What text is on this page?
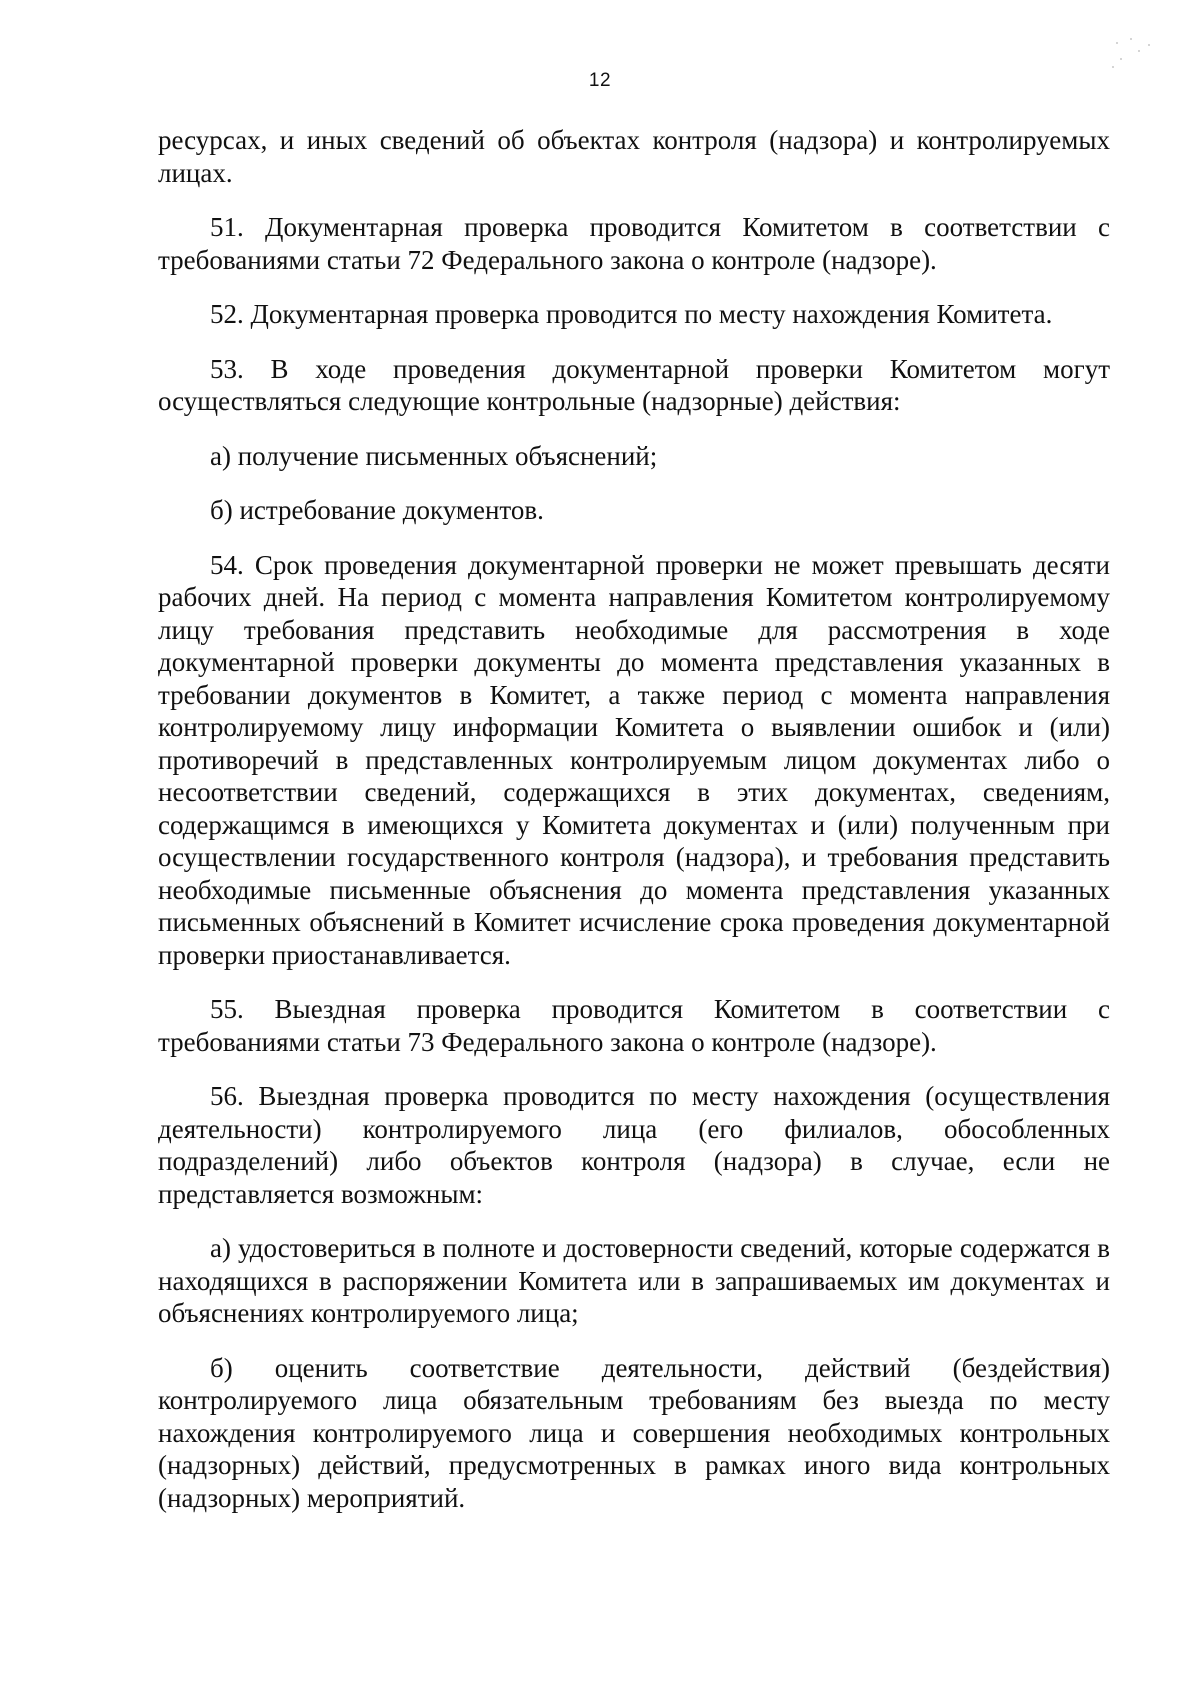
12

ресурсах, и иных сведений об объектах контроля (надзора) и контролируемых лицах.

51. Документарная проверка проводится Комитетом в соответствии с требованиями статьи 72 Федерального закона о контроле (надзоре).

52. Документарная проверка проводится по месту нахождения Комитета.

53. В ходе проведения документарной проверки Комитетом могут осуществляться следующие контрольные (надзорные) действия:

а) получение письменных объяснений;

б) истребование документов.

54. Срок проведения документарной проверки не может превышать десяти рабочих дней. На период с момента направления Комитетом контролируемому лицу требования представить необходимые для рассмотрения в ходе документарной проверки документы до момента представления указанных в требовании документов в Комитет, а также период с момента направления контролируемому лицу информации Комитета о выявлении ошибок и (или) противоречий в представленных контролируемым лицом документах либо о несоответствии сведений, содержащихся в этих документах, сведениям, содержащимся в имеющихся у Комитета документах и (или) полученным при осуществлении государственного контроля (надзора), и требования представить необходимые письменные объяснения до момента представления указанных письменных объяснений в Комитет исчисление срока проведения документарной проверки приостанавливается.

55. Выездная проверка проводится Комитетом в соответствии с требованиями статьи 73 Федерального закона о контроле (надзоре).

56. Выездная проверка проводится по месту нахождения (осуществления деятельности) контролируемого лица (его филиалов, обособленных подразделений) либо объектов контроля (надзора) в случае, если не представляется возможным:

а) удостовериться в полноте и достоверности сведений, которые содержатся в находящихся в распоряжении Комитета или в запрашиваемых им документах и объяснениях контролируемого лица;

б) оценить соответствие деятельности, действий (бездействия) контролируемого лица обязательным требованиям без выезда по месту нахождения контролируемого лица и совершения необходимых контрольных (надзорных) действий, предусмотренных в рамках иного вида контрольных (надзорных) мероприятий.
